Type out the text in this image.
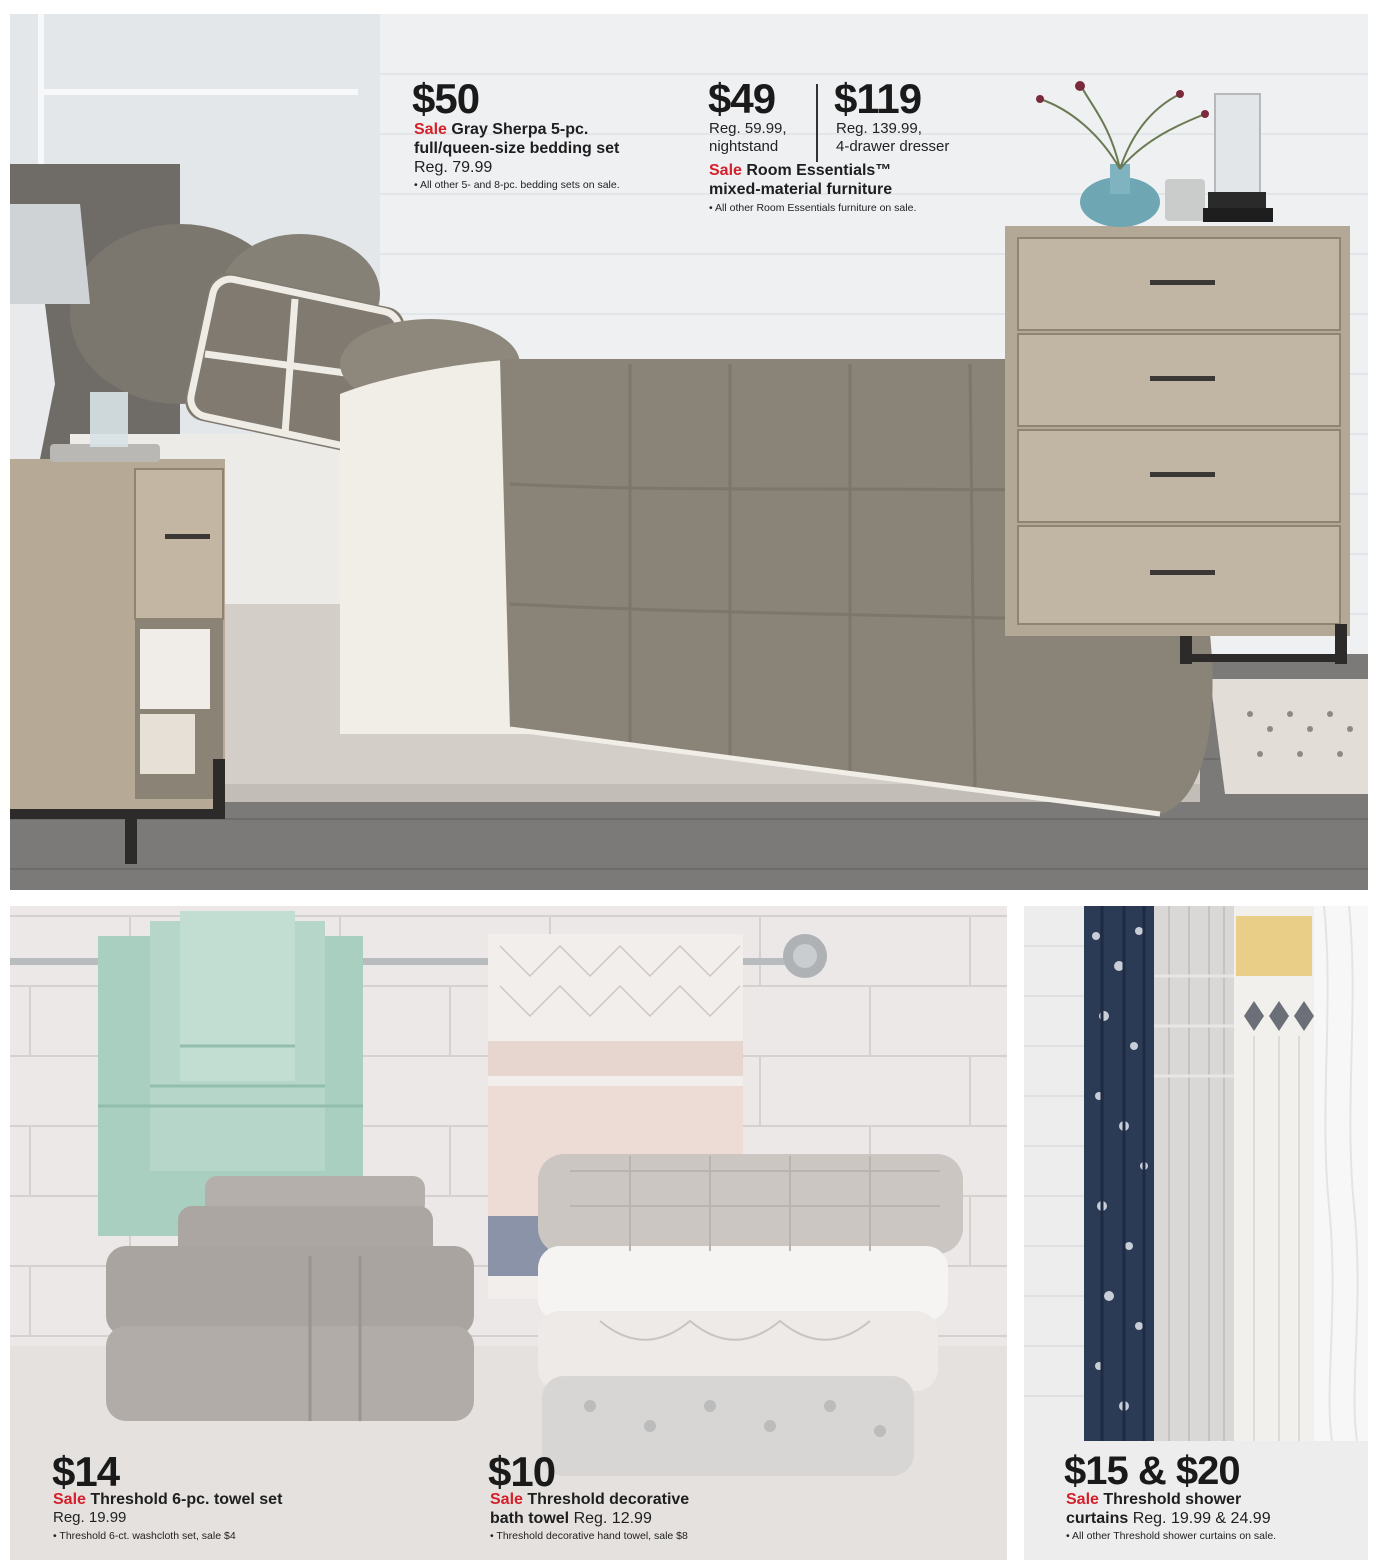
$50
Sale Gray Sherpa 5-pc. full/queen-size bedding set Reg. 79.99
• All other 5- and 8-pc. bedding sets on sale.
$49
Reg. 59.99,
nightstand
$119
Reg. 139.99,
4-drawer dresser
Sale Room Essentials™
mixed-material furniture
• All other Room Essentials furniture on sale.
$14
Sale Threshold 6-pc. towel set
Reg. 19.99
• Threshold 6-ct. washcloth set, sale $4
$10
Sale Threshold decorative
bath towel Reg. 12.99
• Threshold decorative hand towel, sale $8
$15 & $20
Sale Threshold shower
curtains Reg. 19.99 & 24.99
• All other Threshold shower curtains on sale.
